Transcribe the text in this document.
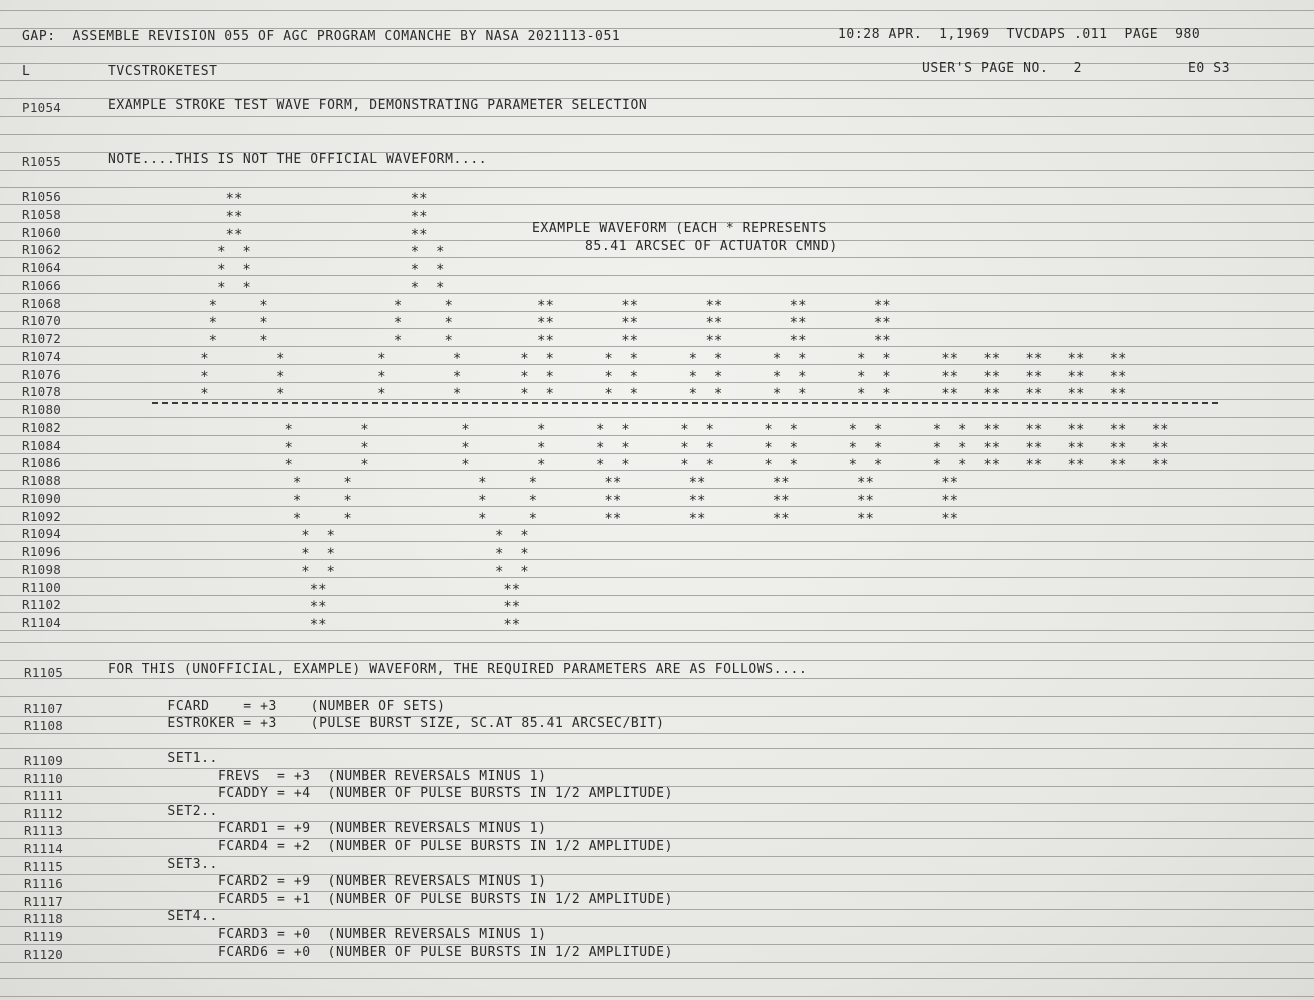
GAP:  ASSEMBLE REVISION 055 OF AGC PROGRAM COMANCHE BY NASA 2021113-051	10:28 APR.  1,1969  TVCDAPS .011  PAGE  980
L	TVCSTROKETEST	USER'S PAGE NO.   2	E0 S3
P1054	EXAMPLE STROKE TEST WAVE FORM, DEMONSTRATING PARAMETER SELECTION
R1055	NOTE....THIS IS NOT THE OFFICIAL WAVEFORM....
R1056
R1058
R1060
R1062
R1064
R1066
R1068
R1070
R1072
R1074
R1076
R1078
R1080
R1082
R1084
R1086
R1088
R1090
R1092
R1094
R1096
R1098
R1100
R1102
R1104
EXAMPLE WAVEFORM (EACH * REPRESENTS
85.41 ARCSEC OF ACTUATOR CMND)
* *	* *
* *	* *
* *	* *
* *	* *
* *	* *
* *	* *
*	*	*	*	* *	* *	* *	* *	* *
*	*	*	*	* *	* *	* *	* *	* *
*	*	*	*	* *	* *	* *	* *	* *
*	*	*	*	* *	* *	* *	* *	* *	* * * * * * * * * *
*	*	*	*	* *	* *	* *	* *	* *	* * * * * * * * * *
*	*	*	*	* *	* *	* *	* *	* *	* * * * * * * * * *
*	*	*	*	* *	* *	* *	* *	* * * * * * * * * * * *
*	*	*	*	* *	* *	* *	* *	* * * * * * * * * * * *
*	*	*	*	* *	* *	* *	* *	* * * * * * * * * * * *
*	*	*	*	* *	* *	* *	* *	* *
*	*	*	*	* *	* *	* *	* *	* *
*	*	*	*	* *	* *	* *	* *	* *
* *	* *
* *	* *
* *	* *
* *	* *
* *	* *
* *	* *
R1105	FOR THIS (UNOFFICIAL, EXAMPLE) WAVEFORM, THE REQUIRED PARAMETERS ARE AS FOLLOWS....
R1107	FCARD    = +3    (NUMBER OF SETS)
R1108	ESTROKER = +3    (PULSE BURST SIZE, SC.AT 85.41 ARCSEC/BIT)
R1109	SET1..
R1110	FREVS  = +3  (NUMBER REVERSALS MINUS 1)
R1111	FCADDY = +4  (NUMBER OF PULSE BURSTS IN 1/2 AMPLITUDE)
R1112	SET2..
R1113	FCARD1 = +9  (NUMBER REVERSALS MINUS 1)
R1114	FCARD4 = +2  (NUMBER OF PULSE BURSTS IN 1/2 AMPLITUDE)
R1115	SET3..
R1116	FCARD2 = +9  (NUMBER REVERSALS MINUS 1)
R1117	FCARD5 = +1  (NUMBER OF PULSE BURSTS IN 1/2 AMPLITUDE)
R1118	SET4..
R1119	FCARD3 = +0  (NUMBER REVERSALS MINUS 1)
R1120	FCARD6 = +0  (NUMBER OF PULSE BURSTS IN 1/2 AMPLITUDE)
